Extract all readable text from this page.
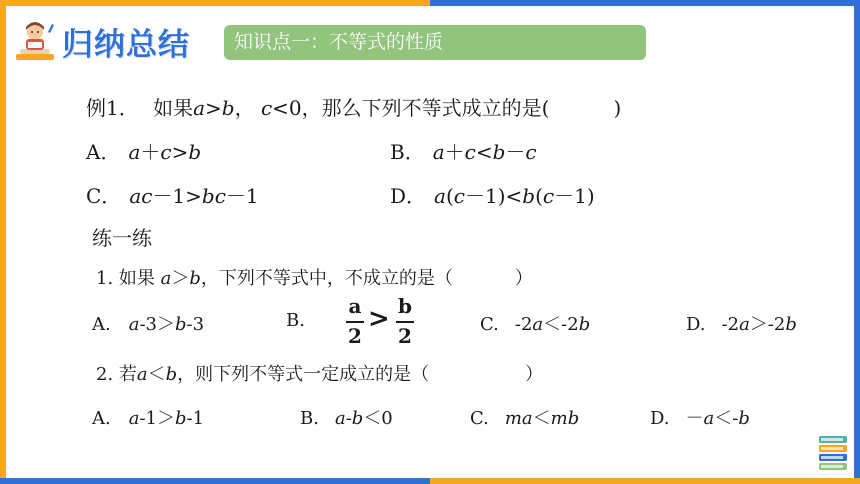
归纳总结	知识点一：不等式的性质
例1． 如果a>b， c<0，那么下列不等式成立的是(	)
A． a＋c>b	B． a＋c<b－c
C． ac－1>bc－1	D． a(c－1)<b(c－1)
练一练
1. 如果 a＞b，下列不等式中，不成立的是（	）
A. a-3＞b-3	B.
a
2
> b
2	C. -2a＜-2b	D. -2a＞-2b
2. 若a＜b，则下列不等式一定成立的是（	）
A. a-1＞b-1	B. a-b＜0	C. ma＜mb	D. －a＜-b
